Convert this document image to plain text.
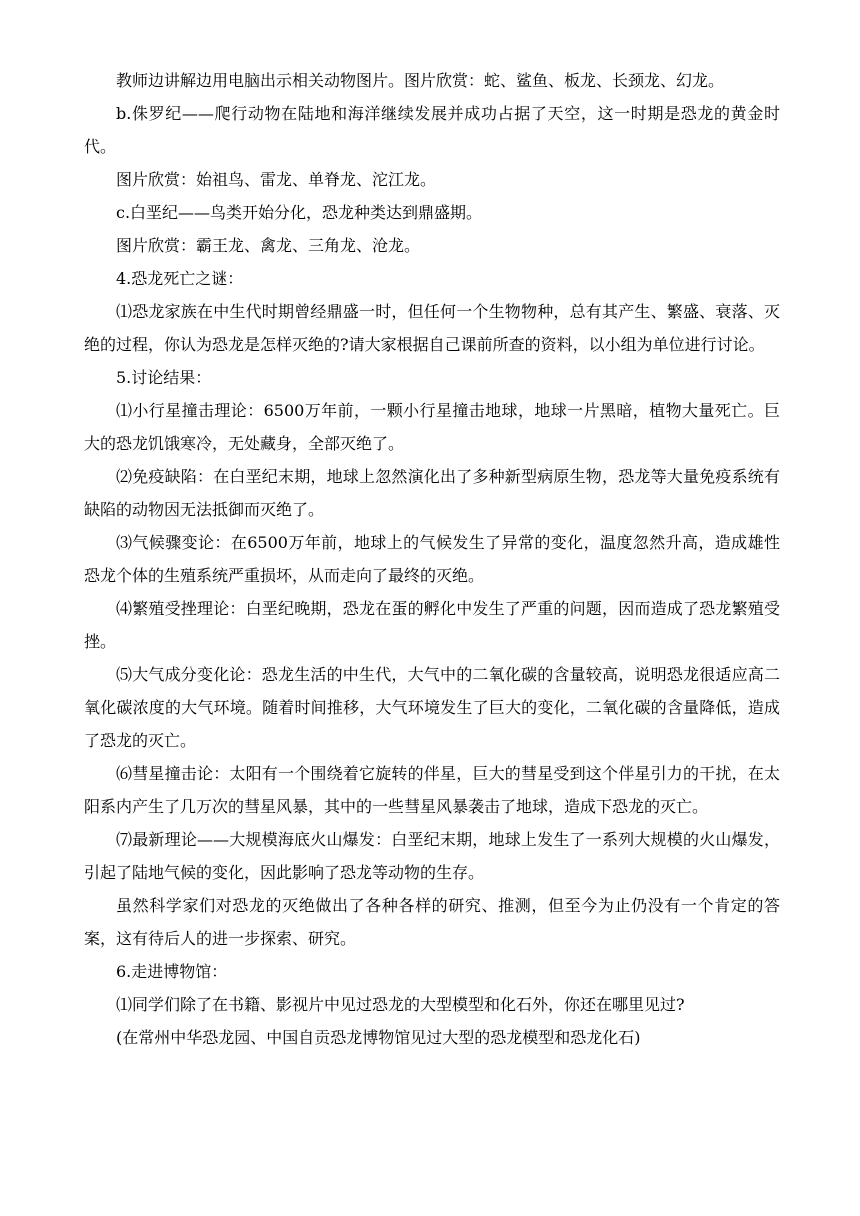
教师边讲解边用电脑出示相关动物图片。图片欣赏：蛇、鲨鱼、板龙、长颈龙、幻龙。

b.侏罗纪——爬行动物在陆地和海洋继续发展并成功占据了天空，这一时期是恐龙的黄金时代。

图片欣赏：始祖鸟、雷龙、单脊龙、沱江龙。

c.白垩纪——鸟类开始分化，恐龙种类达到鼎盛期。

图片欣赏：霸王龙、禽龙、三角龙、沧龙。

4.恐龙死亡之谜：

⑴恐龙家族在中生代时期曾经鼎盛一时，但任何一个生物物种，总有其产生、繁盛、衰落、灭绝的过程，你认为恐龙是怎样灭绝的?请大家根据自己课前所查的资料，以小组为单位进行讨论。

5.讨论结果：

⑴小行星撞击理论：6500万年前，一颗小行星撞击地球，地球一片黑暗，植物大量死亡。巨大的恐龙饥饿寒冷，无处藏身，全部灭绝了。

⑵免疫缺陷：在白垩纪末期，地球上忽然演化出了多种新型病原生物，恐龙等大量免疫系统有缺陷的动物因无法抵御而灭绝了。

⑶气候骤变论：在6500万年前，地球上的气候发生了异常的变化，温度忽然升高，造成雄性恐龙个体的生殖系统严重损坏，从而走向了最终的灭绝。

⑷繁殖受挫理论：白垩纪晚期，恐龙在蛋的孵化中发生了严重的问题，因而造成了恐龙繁殖受挫。

⑸大气成分变化论：恐龙生活的中生代，大气中的二氧化碳的含量较高，说明恐龙很适应高二氧化碳浓度的大气环境。随着时间推移，大气环境发生了巨大的变化，二氧化碳的含量降低，造成了恐龙的灭亡。

⑹彗星撞击论：太阳有一个围绕着它旋转的伴星，巨大的彗星受到这个伴星引力的干扰，在太阳系内产生了几万次的彗星风暴，其中的一些彗星风暴袭击了地球，造成下恐龙的灭亡。

⑺最新理论——大规模海底火山爆发：白垩纪末期，地球上发生了一系列大规模的火山爆发，引起了陆地气候的变化，因此影响了恐龙等动物的生存。

虽然科学家们对恐龙的灭绝做出了各种各样的研究、推测，但至今为止仍没有一个肯定的答案，这有待后人的进一步探索、研究。

6.走进博物馆：

⑴同学们除了在书籍、影视片中见过恐龙的大型模型和化石外，你还在哪里见过?

(在常州中华恐龙园、中国自贡恐龙博物馆见过大型的恐龙模型和恐龙化石)
